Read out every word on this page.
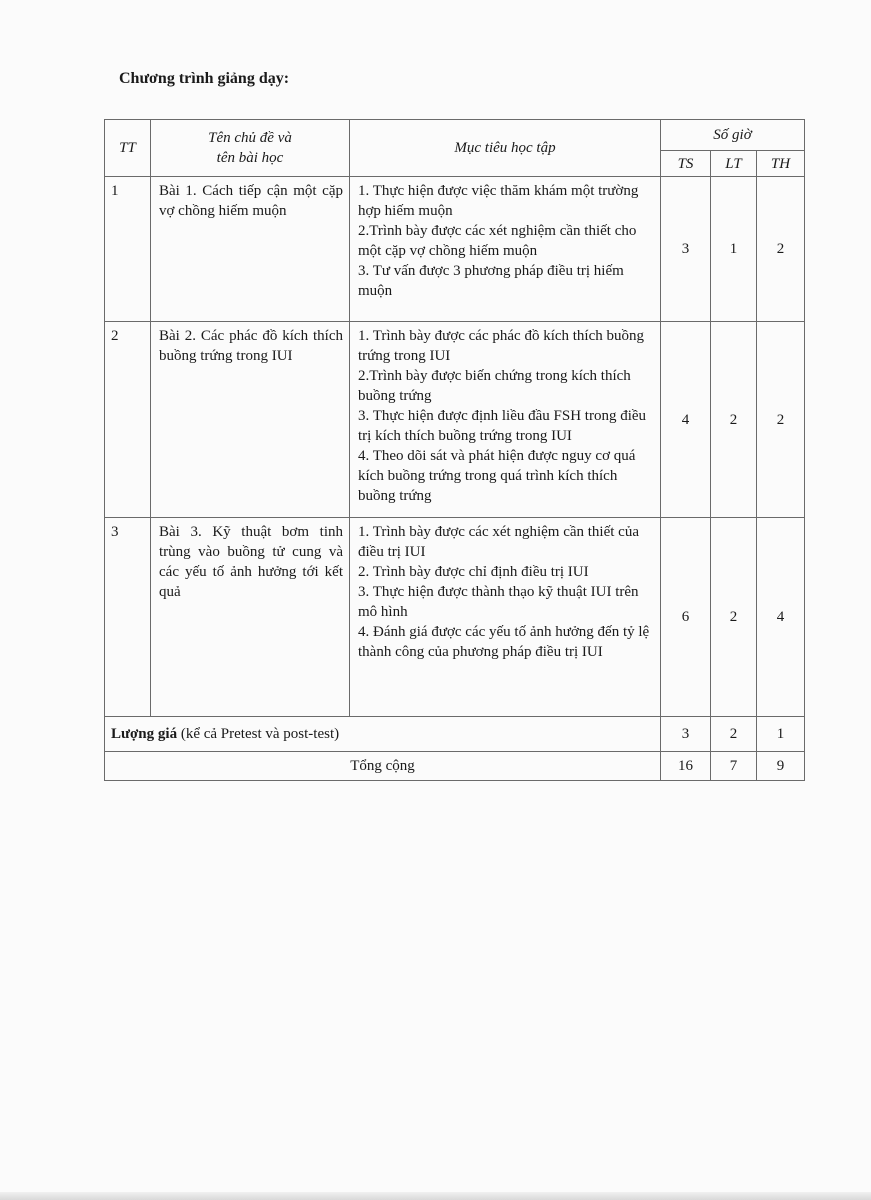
Chương trình giảng dạy:
TT	Tên chủ đề và
tên bài học	Mục tiêu học tập	Số giờ		
			TS	LT	TH
1	Bài 1. Cách tiếp cận một cặp vợ chồng hiếm muộn	1. Thực hiện được việc thăm khám một trường hợp hiếm muộn
2.Trình bày được các xét nghiệm cần thiết cho một cặp vợ chồng hiếm muộn
3. Tư vấn được 3 phương pháp điều trị hiếm muộn	3	1	2
2	Bài 2. Các phác đồ kích thích buồng trứng trong IUI	1. Trình bày được các phác đồ kích thích buồng trứng trong IUI
2.Trình bày được biến chứng trong kích thích buồng trứng
3. Thực hiện được định liều đầu FSH trong điều trị kích thích buồng trứng trong IUI
4. Theo dõi sát và phát hiện được nguy cơ quá kích buồng trứng trong quá trình kích thích buồng trứng	4	2	2
3	Bài 3. Kỹ thuật bơm tinh trùng vào buồng tử cung và các yếu tố ảnh hưởng tới kết quả	1. Trình bày được các xét nghiệm cần thiết của điều trị IUI
2. Trình bày được chỉ định điều trị IUI
3. Thực hiện được thành thạo kỹ thuật IUI trên mô hình
4. Đánh giá được các yếu tố ảnh hưởng đến tỷ lệ thành công của phương pháp điều trị IUI	6	2	4
Lượng giá (kể cả Pretest và post-test)			3	2	1
Tổng cộng			16	7	9
